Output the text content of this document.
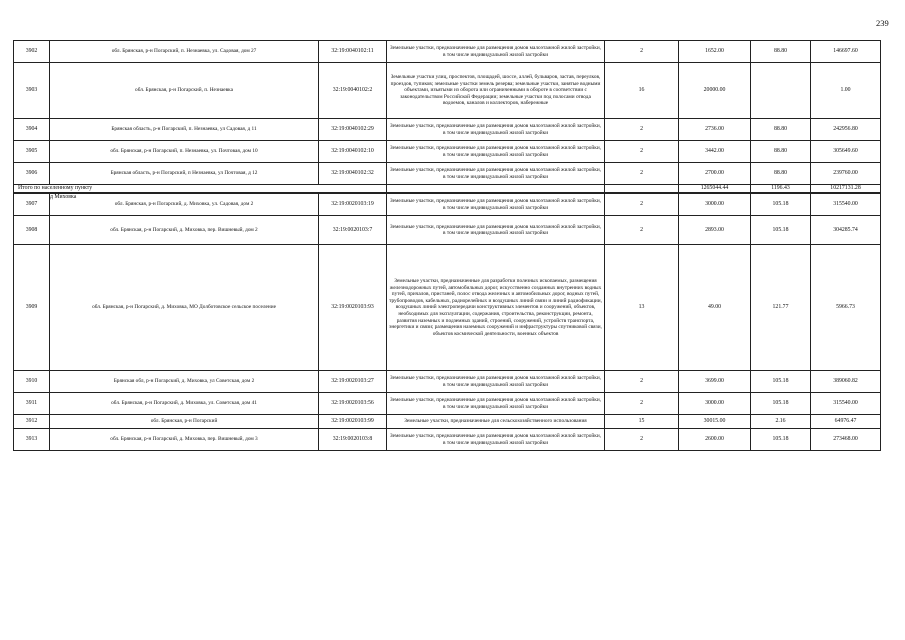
239
3902	обл. Брянская, р-н Погарский, п. Незнаевка, ул. Садовая, дом 27	32:19:0040102:11	Земельные участки, предназначенные для размещения домов малоэтажной жилой застройки, в том числе индивидуальной жилой застройки	2	1652.00	88.80	146697.60
3903	обл. Брянская, р-н Погарский, п. Незнаевка	32:19:0040102:2	Земельные участки улиц, проспектов, площадей, шоссе, аллей, бульваров, застав, переулков, проездов, тупиков; земельные участки земель резерва; земельные участки, занятые водными объектами, изъятыми из оборота или ограниченными в обороте в соответствии с законодательством Российской Федерации; земельные участки под полосами отвода водоемов, каналов и коллекторов, набережные	16	20000.00		1.00
3904	Брянская область, р-н Погарский, п. Незнаевка, ул Садовая, д 11	32:19:0040102:29	Земельные участки, предназначенные для размещения домов малоэтажной жилой застройки, в том числе индивидуальной жилой застройки	2	2736.00	88.80	242956.80
3905	обл. Брянская, р-н Погарский, п. Незнаевка, ул. Почтовая, дом 10	32:19:0040102:10	Земельные участки, предназначенные для размещения домов малоэтажной жилой застройки, в том числе индивидуальной жилой застройки	2	3442.00	88.80	305649.60
3906	Брянская область, р-н Погарский, п Незнаевка, ул Почтовая, д 12	32:19:0040102:32	Земельные участки, предназначенные для размещения домов малоэтажной жилой застройки, в том числе индивидуальной жилой застройки	2	2700.00	88.80	239760.00
Итого по населенному пункту					1265044.44	1196.43	10217131.28

3907	обл. Брянская, р-н Погарский, д. Миховка, ул. Садовая, дом 2	32:19:0020103:19	Земельные участки, предназначенные для размещения домов малоэтажной жилой застройки, в том числе индивидуальной жилой застройки	2	3000.00	105.18	315540.00
3908	обл. Брянская, р-н Погарский, д. Миховка, пер. Вишневый, дом 2	32:19:0020103:7	Земельные участки, предназначенные для размещения домов малоэтажной жилой застройки, в том числе индивидуальной жилой застройки	2	2893.00	105.18	304285.74
3909	обл. Брянская, р-н Погарский, д. Миховка, МО Долботовское сельское поселение	32:19:0020103:93	Земельные участки, предназначенные для разработки полезных ископаемых, размещения железнодорожных путей, автомобильных дорог, искусственно созданных внутренних водных путей, причалов, пристаней, полос отвода железных и автомобильных дорог, водных путей, трубопроводов, кабельных, радиорелейных и воздушных линий связи и линий радиофикации, воздушных линий электропередачи конструктивных элементов и сооружений, объектов, необходимых для эксплуатации, содержания, строительства, реконструкции, ремонта, развития наземных и подземных зданий, строений, сооружений, устройств транспорта, энергетики и связи; размещения наземных сооружений и инфраструктуры спутниковой связи, объектов космической деятельности, военных объектов	13	49.00	121.77	5966.73
3910	Брянская обл, р-н Погарский, д. Миховка, ул Советская, дом 2	32:19:0020103:27	Земельные участки, предназначенные для размещения домов малоэтажной жилой застройки, в том числе индивидуальной жилой застройки	2	3699.00	105.18	389060.82
3911	обл. Брянская, р-н Погарский, д. Миховка, ул. Советская, дом 41	32:19:0020103:56	Земельные участки, предназначенные для размещения домов малоэтажной жилой застройки, в том числе индивидуальной жилой застройки	2	3000.00	105.18	315540.00
3912	обл. Брянская, р-н Погарский	32:19:0020103:99	Земельные участки, предназначенные для сельскохозяйственного использования	15	30015.00	2.16	64976.47
3913	обл. Брянская, р-н Погарский, д. Миховка, пер. Вишневый, дом 3	32:19:0020103:8	Земельные участки, предназначенные для размещения домов малоэтажной жилой застройки, в том числе индивидуальной жилой застройки	2	2600.00	105.18	273468.00
д Миховка
